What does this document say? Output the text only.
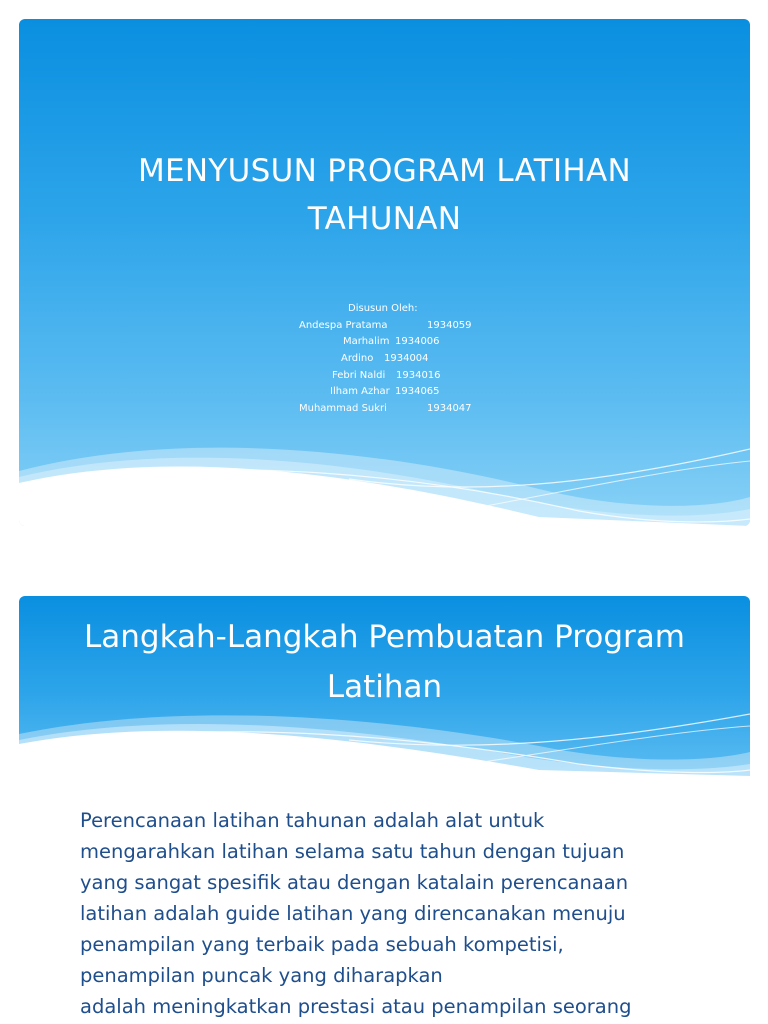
MENYUSUN PROGRAM LATIHAN
TAHUNAN
Disusun Oleh:
Andespa Pratama	1934059
Marhalim 1934006
Ardino 1934004
Febri Naldi 1934016
Ilham Azhar 1934065
Muhammad Sukri	1934047
Langkah-Langkah Pembuatan Program
Latihan
Perencanaan latihan tahunan adalah alat untuk
mengarahkan latihan selama satu tahun dengan tujuan
yang sangat spesifik atau dengan katalain perencanaan
latihan adalah guide latihan yang direncanakan menuju
penampilan yang terbaik pada sebuah kompetisi,
penampilan puncak yang diharapkan
adalah meningkatkan prestasi atau penampilan seorang
